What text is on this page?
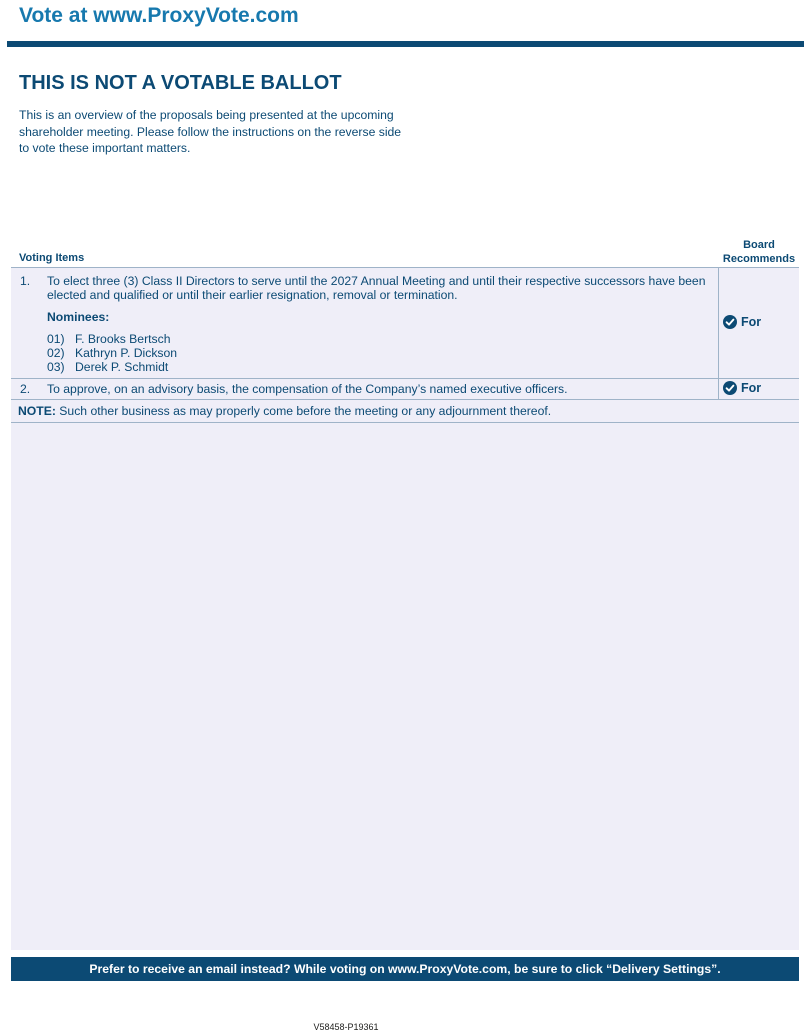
Vote at www.ProxyVote.com
THIS IS NOT A VOTABLE BALLOT

This is an overview of the proposals being presented at the upcoming shareholder meeting. Please follow the instructions on the reverse side to vote these important matters.

Voting Items
Board
Recommends
1. To elect three (3) Class II Directors to serve until the 2027 Annual Meeting and until their respective successors have been elected and qualified or until their earlier resignation, removal or termination.
Nominees:
01) F. Brooks Bertsch
02) Kathryn P. Dickson
03) Derek P. Schmidt
For
2. To approve, on an advisory basis, the compensation of the Company’s named executive officers.	For
NOTE: Such other business as may properly come before the meeting or any adjournment thereof.
Prefer to receive an email instead? While voting on www.ProxyVote.com, be sure to click “Delivery Settings”.
V58458-P19361
